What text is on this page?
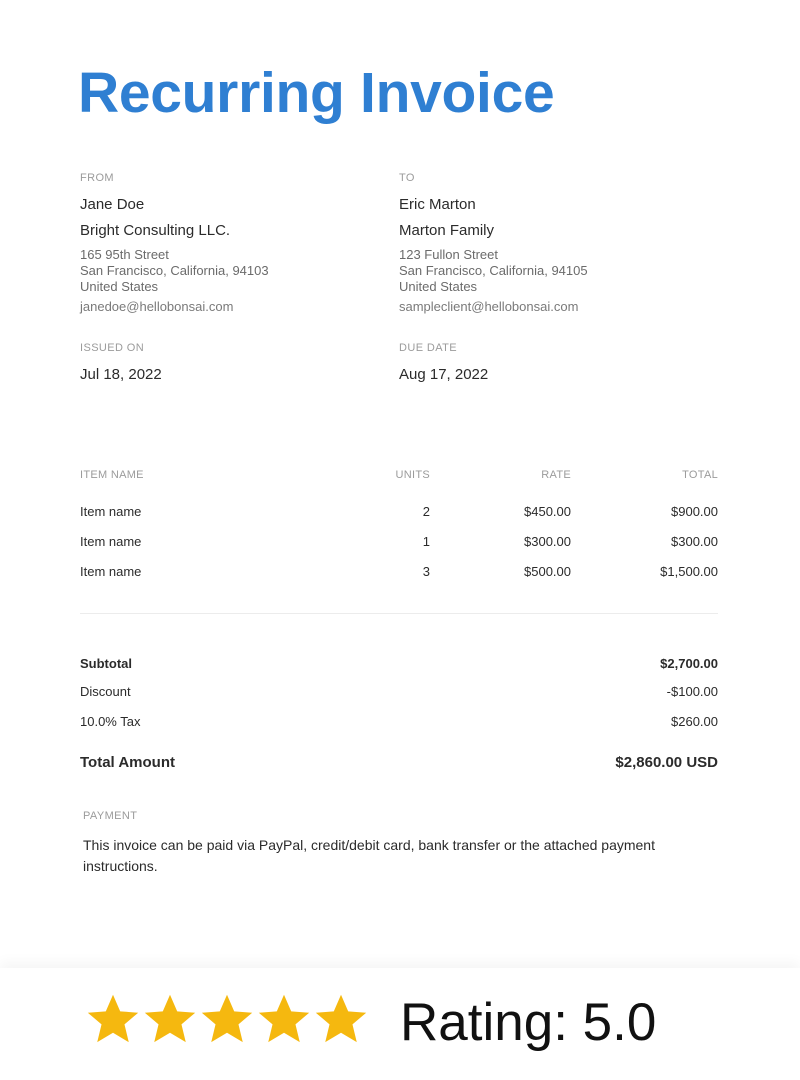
Recurring Invoice
FROM
Jane Doe
Bright Consulting LLC.
165 95th Street
San Francisco, California, 94103
United States
janedoe@hellobonsai.com
TO
Eric Marton
Marton Family
123 Fullon Street
San Francisco, California, 94105
United States
sampleclient@hellobonsai.com
ISSUED ON
Jul 18, 2022
DUE DATE
Aug 17, 2022
ITEM NAME	UNITS	RATE	TOTAL
Item name	2	$450.00	$900.00
Item name	1	$300.00	$300.00
Item name	3	$500.00	$1,500.00
Subtotal	$2,700.00
Discount	-$100.00
10.0% Tax	$260.00
Total Amount	$2,860.00 USD
PAYMENT
This invoice can be paid via PayPal, credit/debit card, bank transfer or the attached payment instructions.
Rating: 5.0
